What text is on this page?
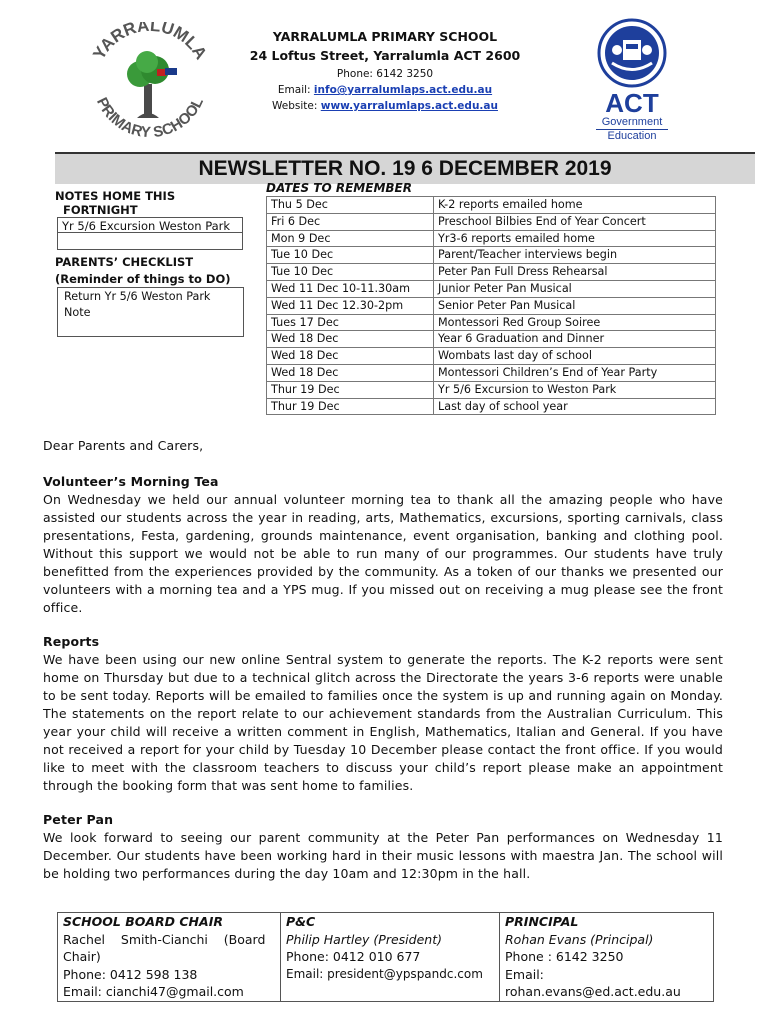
YARRALUMLA
PRIMARY SCHOOL
YARRALUMLA PRIMARY SCHOOL
24 Loftus Street, Yarralumla ACT 2600
Phone: 6142 3250
Email: info@yarralumlaps.act.edu.au
Website: www.yarralumlaps.act.edu.au	ACT
Government
Education
NEWSLETTER NO. 19 6 DECEMBER 2019
NOTES HOME THIS
FORTNIGHT
Yr 5/6 Excursion Weston Park
PARENTS’ CHECKLIST
(Reminder of things to DO)
Return Yr 5/6 Weston Park
Note
DATES TO REMEMBER
Thu 5 Dec	K-2 reports emailed home
Fri 6 Dec	Preschool Bilbies End of Year Concert
Mon 9 Dec	Yr3-6 reports emailed home
Tue 10 Dec	Parent/Teacher interviews begin
Tue 10 Dec	Peter Pan Full Dress Rehearsal
Wed 11 Dec 10-11.30am	Junior Peter Pan Musical
Wed 11 Dec 12.30-2pm	Senior Peter Pan Musical
Tues 17 Dec	Montessori Red Group Soiree
Wed 18 Dec	Year 6 Graduation and Dinner
Wed 18 Dec	Wombats last day of school
Wed 18 Dec	Montessori Children’s End of Year Party
Thur 19 Dec	Yr 5/6 Excursion to Weston Park
Thur 19 Dec	Last day of school year
Dear Parents and Carers,
Volunteer’s Morning Tea
On Wednesday we held our annual volunteer morning tea to thank all the amazing people who have assisted our students across the year in reading, arts, Mathematics, excursions, sporting carnivals, class presentations, Festa, gardening, grounds maintenance, event organisation, banking and clothing pool. Without this support we would not be able to run many of our programmes. Our students have truly benefitted from the experiences provided by the community. As a token of our thanks we presented our volunteers with a morning tea and a YPS mug. If you missed out on receiving a mug please see the front office.
Reports
We have been using our new online Sentral system to generate the reports. The K-2 reports were sent home on Thursday but due to a technical glitch across the Directorate the years 3-6 reports were unable to be sent today. Reports will be emailed to families once the system is up and running again on Monday. The statements on the report relate to our achievement standards from the Australian Curriculum. This year your child will receive a written comment in English, Mathematics, Italian and General. If you have not received a report for your child by Tuesday 10 December please contact the front office. If you would like to meet with the classroom teachers to discuss your child’s report please make an appointment through the booking form that was sent home to families.
Peter Pan
We look forward to seeing our parent community at the Peter Pan performances on Wednesday 11 December. Our students have been working hard in their music lessons with maestra Jan. The school will be holding two performances during the day 10am and 12:30pm in the hall.
SCHOOL BOARD CHAIR
Rachel    Smith-Cianchi    (Board Chair)
Phone: 0412 598 138
Email: cianchi47@gmail.com

P&C
Philip Hartley (President)
Phone: 0412 010 677
Email: president@ypspandc.com

PRINCIPAL
Rohan Evans (Principal)
Phone : 6142 3250
Email:
rohan.evans@ed.act.edu.au
